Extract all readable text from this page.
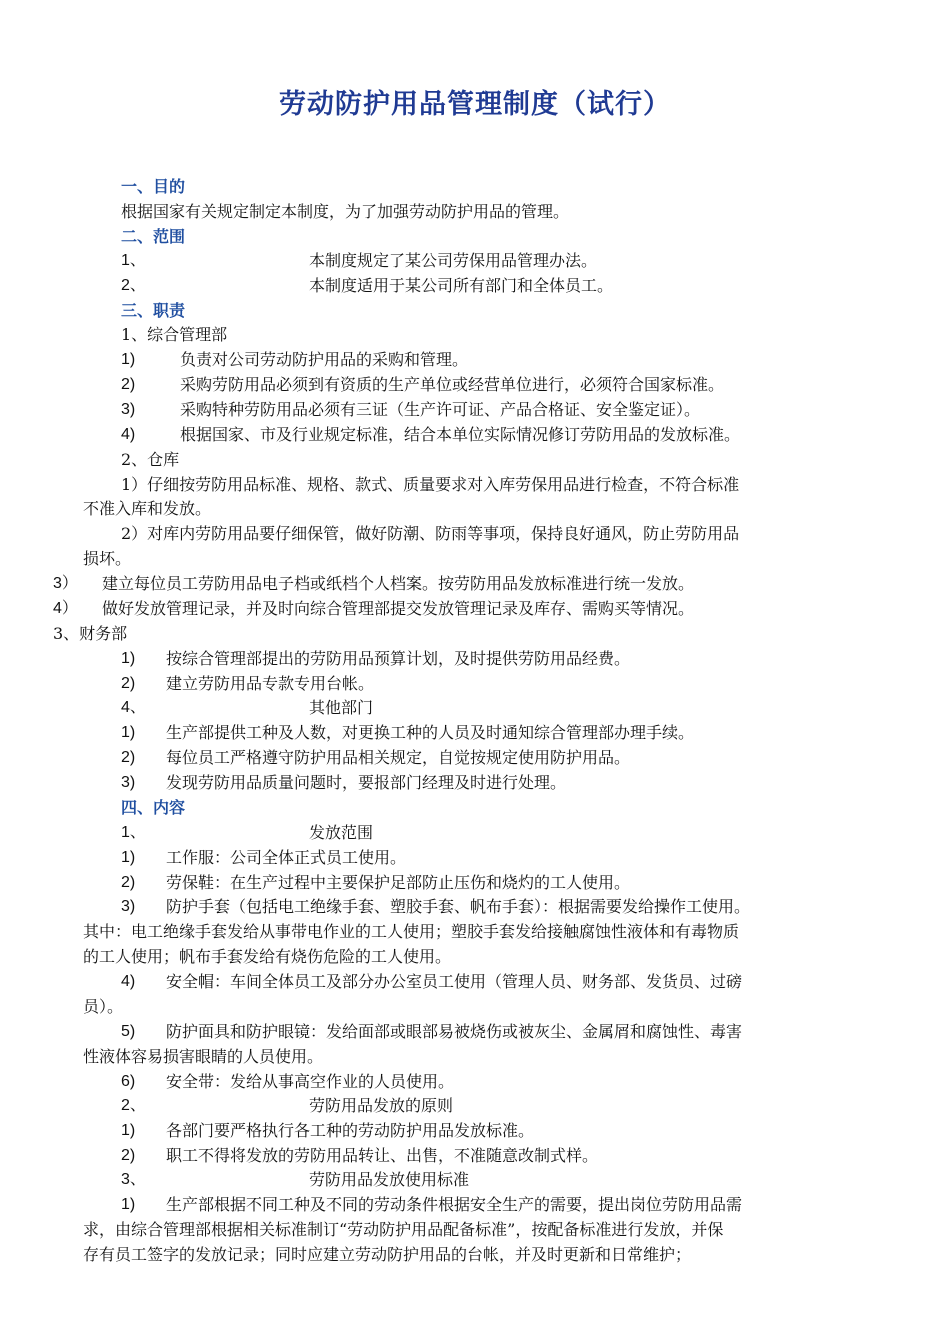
劳动防护用品管理制度（试行）
一、目的
根据国家有关规定制定本制度，为了加强劳动防护用品的管理。
二、范围
1、	本制度规定了某公司劳保用品管理办法。
2、	本制度适用于某公司所有部门和全体员工。
三、职责
1、综合管理部
1)	负责对公司劳动防护用品的采购和管理。
2)	采购劳防用品必须到有资质的生产单位或经营单位进行，必须符合国家标准。
3)	采购特种劳防用品必须有三证（生产许可证、产品合格证、安全鉴定证）。
4)	根据国家、市及行业规定标准，结合本单位实际情况修订劳防用品的发放标准。
2、仓库
1）仔细按劳防用品标准、规格、款式、质量要求对入库劳保用品进行检查，不符合标准
不准入库和发放。
2）对库内劳防用品要仔细保管，做好防潮、防雨等事项，保持良好通风，防止劳防用品
损坏。
3） 建立每位员工劳防用品电子档或纸档个人档案。按劳防用品发放标准进行统一发放。
4） 做好发放管理记录，并及时向综合管理部提交发放管理记录及库存、需购买等情况。
3、财务部
1) 按综合管理部提出的劳防用品预算计划，及时提供劳防用品经费。
2) 建立劳防用品专款专用台帐。
4、	其他部门
1) 生产部提供工种及人数，对更换工种的人员及时通知综合管理部办理手续。
2) 每位员工严格遵守防护用品相关规定，自觉按规定使用防护用品。
3) 发现劳防用品质量问题时，要报部门经理及时进行处理。
四、内容
1、	发放范围
1) 工作服：公司全体正式员工使用。
2) 劳保鞋：在生产过程中主要保护足部防止压伤和烧灼的工人使用。
3) 防护手套（包括电工绝缘手套、塑胶手套、帆布手套）：根据需要发给操作工使用。
其中：电工绝缘手套发给从事带电作业的工人使用；塑胶手套发给接触腐蚀性液体和有毒物质
的工人使用；帆布手套发给有烧伤危险的工人使用。
4) 安全帽：车间全体员工及部分办公室员工使用（管理人员、财务部、发货员、过磅
员）。
5) 防护面具和防护眼镜：发给面部或眼部易被烧伤或被灰尘、金属屑和腐蚀性、毒害
性液体容易损害眼睛的人员使用。
6) 安全带：发给从事高空作业的人员使用。
2、	劳防用品发放的原则
1) 各部门要严格执行各工种的劳动防护用品发放标准。
2) 职工不得将发放的劳防用品转让、出售，不准随意改制式样。
3、	劳防用品发放使用标准
1) 生产部根据不同工种及不同的劳动条件根据安全生产的需要，提出岗位劳防用品需
求，由综合管理部根据相关标准制订“劳动防护用品配备标准”，按配备标准进行发放，并保
存有员工签字的发放记录；同时应建立劳动防护用品的台帐，并及时更新和日常维护；
